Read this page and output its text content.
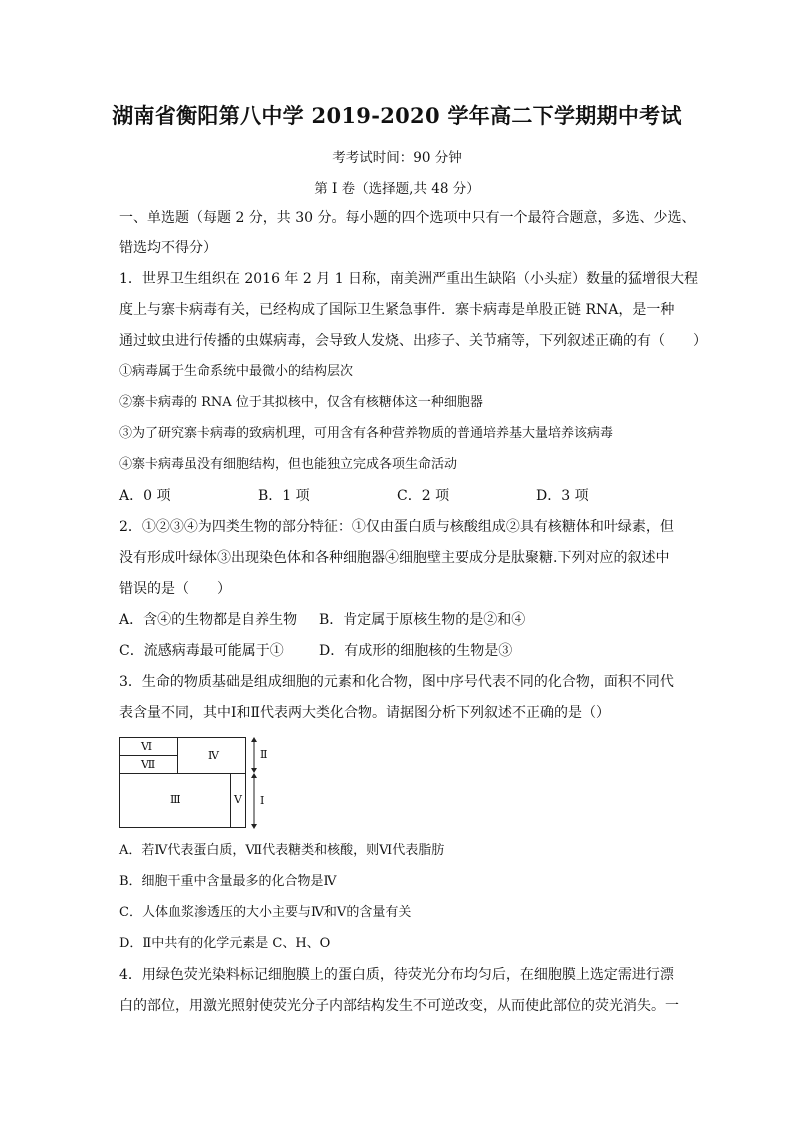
湖南省衡阳第八中学 2019-2020 学年高二下学期期中考试
考考试时间：90 分钟
第 I 卷（选择题,共 48 分）
一、单选题（每题 2 分，共 30 分。每小题的四个选项中只有一个最符合题意，多选、少选、
错选均不得分）
1．世界卫生组织在 2016 年 2 月 1 日称，南美洲严重出生缺陷（小头症）数量的猛增很大程
度上与寨卡病毒有关，已经构成了国际卫生紧急事件．寨卡病毒是单股正链 RNA，是一种
通过蚊虫进行传播的虫媒病毒，会导致人发烧、出疹子、关节痛等，下列叙述正确的有（　　）
①病毒属于生命系统中最微小的结构层次
②寨卡病毒的 RNA 位于其拟核中，仅含有核糖体这一种细胞器
③为了研究寨卡病毒的致病机理，可用含有各种营养物质的普通培养基大量培养该病毒
④寨卡病毒虽没有细胞结构，但也能独立完成各项生命活动
A．0 项	B．1 项	C．2 项	D．3 项
2．①②③④为四类生物的部分特征：①仅由蛋白质与核酸组成②具有核糖体和叶绿素，但
没有形成叶绿体③出现染色体和各种细胞器④细胞壁主要成分是肽聚糖.下列对应的叙述中
错误的是（　　）
A．含④的生物都是自养生物 B．肯定属于原核生物的是②和④
C．流感病毒最可能属于①	D．有成形的细胞核的生物是③
3．生命的物质基础是组成细胞的元素和化合物，图中序号代表不同的化合物，面积不同代
表含量不同，其中Ⅰ和Ⅱ代表两大类化合物。请据图分析下列叙述不正确的是（）
Ⅵ
Ⅶ
Ⅳ
Ⅲ	Ⅴ
Ⅱ
Ⅰ
A．若Ⅳ代表蛋白质，Ⅶ代表糖类和核酸，则Ⅵ代表脂肪
B．细胞干重中含量最多的化合物是Ⅳ
C．人体血浆渗透压的大小主要与Ⅳ和Ⅴ的含量有关
D．Ⅱ中共有的化学元素是 C、H、O
4．用绿色荧光染料标记细胞膜上的蛋白质，待荧光分布均匀后，在细胞膜上选定需进行漂
白的部位，用激光照射使荧光分子内部结构发生不可逆改变，从而使此部位的荧光消失。一
